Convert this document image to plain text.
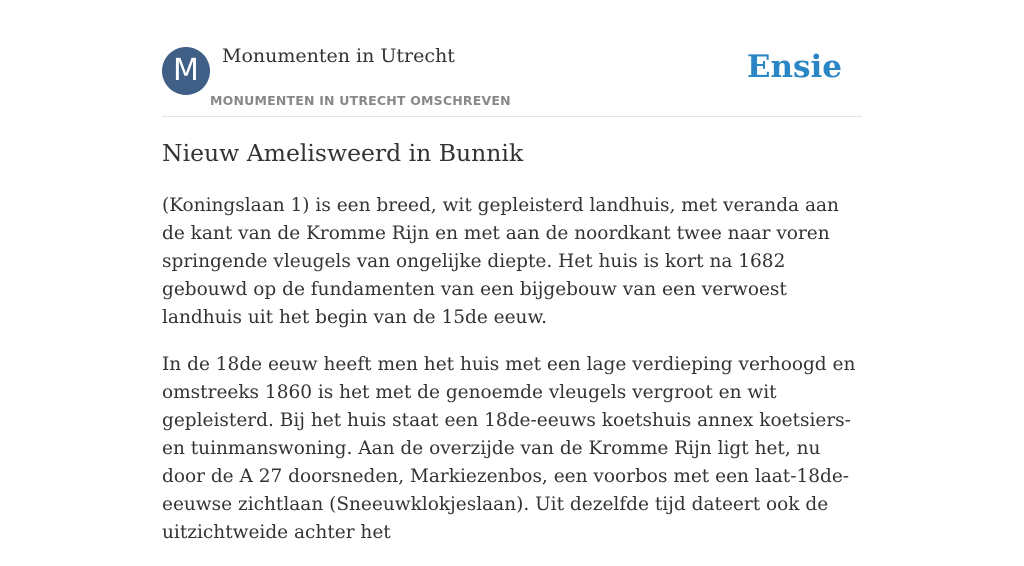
M	Monumenten in Utrecht
MONUMENTEN IN UTRECHT OMSCHREVEN
Ensie
Nieuw Amelisweerd in Bunnik

(Koningslaan 1) is een breed, wit gepleisterd landhuis, met veranda aan de kant van de Kromme Rijn en met aan de noordkant twee naar voren springende vleugels van ongelijke diepte. Het huis is kort na 1682 gebouwd op de fundamenten van een bijgebouw van een verwoest landhuis uit het begin van de 15de eeuw.

In de 18de eeuw heeft men het huis met een lage verdieping verhoogd en omstreeks 1860 is het met de genoemde vleugels vergroot en wit gepleisterd. Bij het huis staat een 18de-eeuws koetshuis annex koetsiers- en tuinmanswoning. Aan de overzijde van de Kromme Rijn ligt het, nu door de A 27 doorsneden, Markiezenbos, een voorbos met een laat-18de-eeuwse zichtlaan (Sneeuwklokjeslaan). Uit dezelfde tijd dateert ook de uitzichtweide achter het
